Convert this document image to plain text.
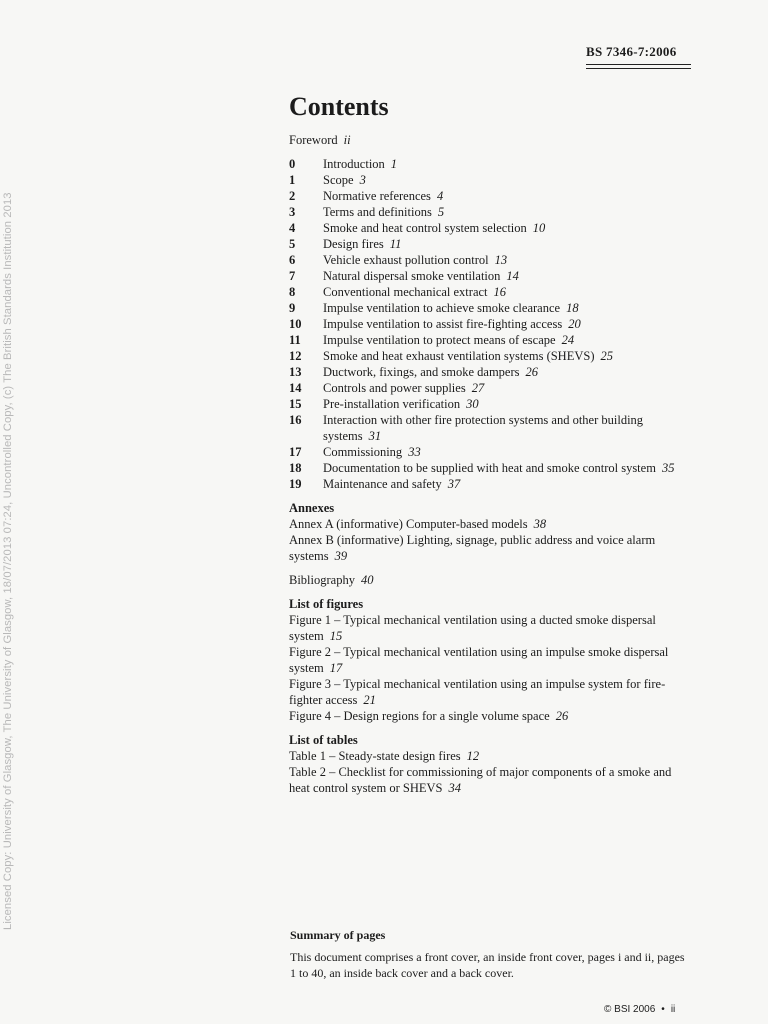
BS 7346-7:2006
Licensed Copy: University of Glasgow, The University of Glasgow, 18/07/2013 07:24, Uncontrolled Copy, (c) The British Standards Institution 2013
Contents
Foreword ii
0	Introduction 1
1	Scope 3
2	Normative references 4
3	Terms and definitions 5
4	Smoke and heat control system selection 10
5	Design fires 11
6	Vehicle exhaust pollution control 13
7	Natural dispersal smoke ventilation 14
8	Conventional mechanical extract 16
9	Impulse ventilation to achieve smoke clearance 18
10	Impulse ventilation to assist fire-fighting access 20
11	Impulse ventilation to protect means of escape 24
12	Smoke and heat exhaust ventilation systems (SHEVS) 25
13	Ductwork, fixings, and smoke dampers 26
14	Controls and power supplies 27
15	Pre-installation verification 30
16	Interaction with other fire protection systems and other building systems 31
17	Commissioning 33
18	Documentation to be supplied with heat and smoke control system 35
19	Maintenance and safety 37
Annexes
Annex A (informative) Computer-based models 38
Annex B (informative) Lighting, signage, public address and voice alarm systems 39
Bibliography 40
List of figures
Figure 1 – Typical mechanical ventilation using a ducted smoke dispersal system 15
Figure 2 – Typical mechanical ventilation using an impulse smoke dispersal system 17
Figure 3 – Typical mechanical ventilation using an impulse system for fire-fighter access 21
Figure 4 – Design regions for a single volume space 26
List of tables
Table 1 – Steady-state design fires 12
Table 2 – Checklist for commissioning of major components of a smoke and heat control system or SHEVS 34
Summary of pages
This document comprises a front cover, an inside front cover, pages i and ii, pages 1 to 40, an inside back cover and a back cover.
© BSI 2006 • ii
